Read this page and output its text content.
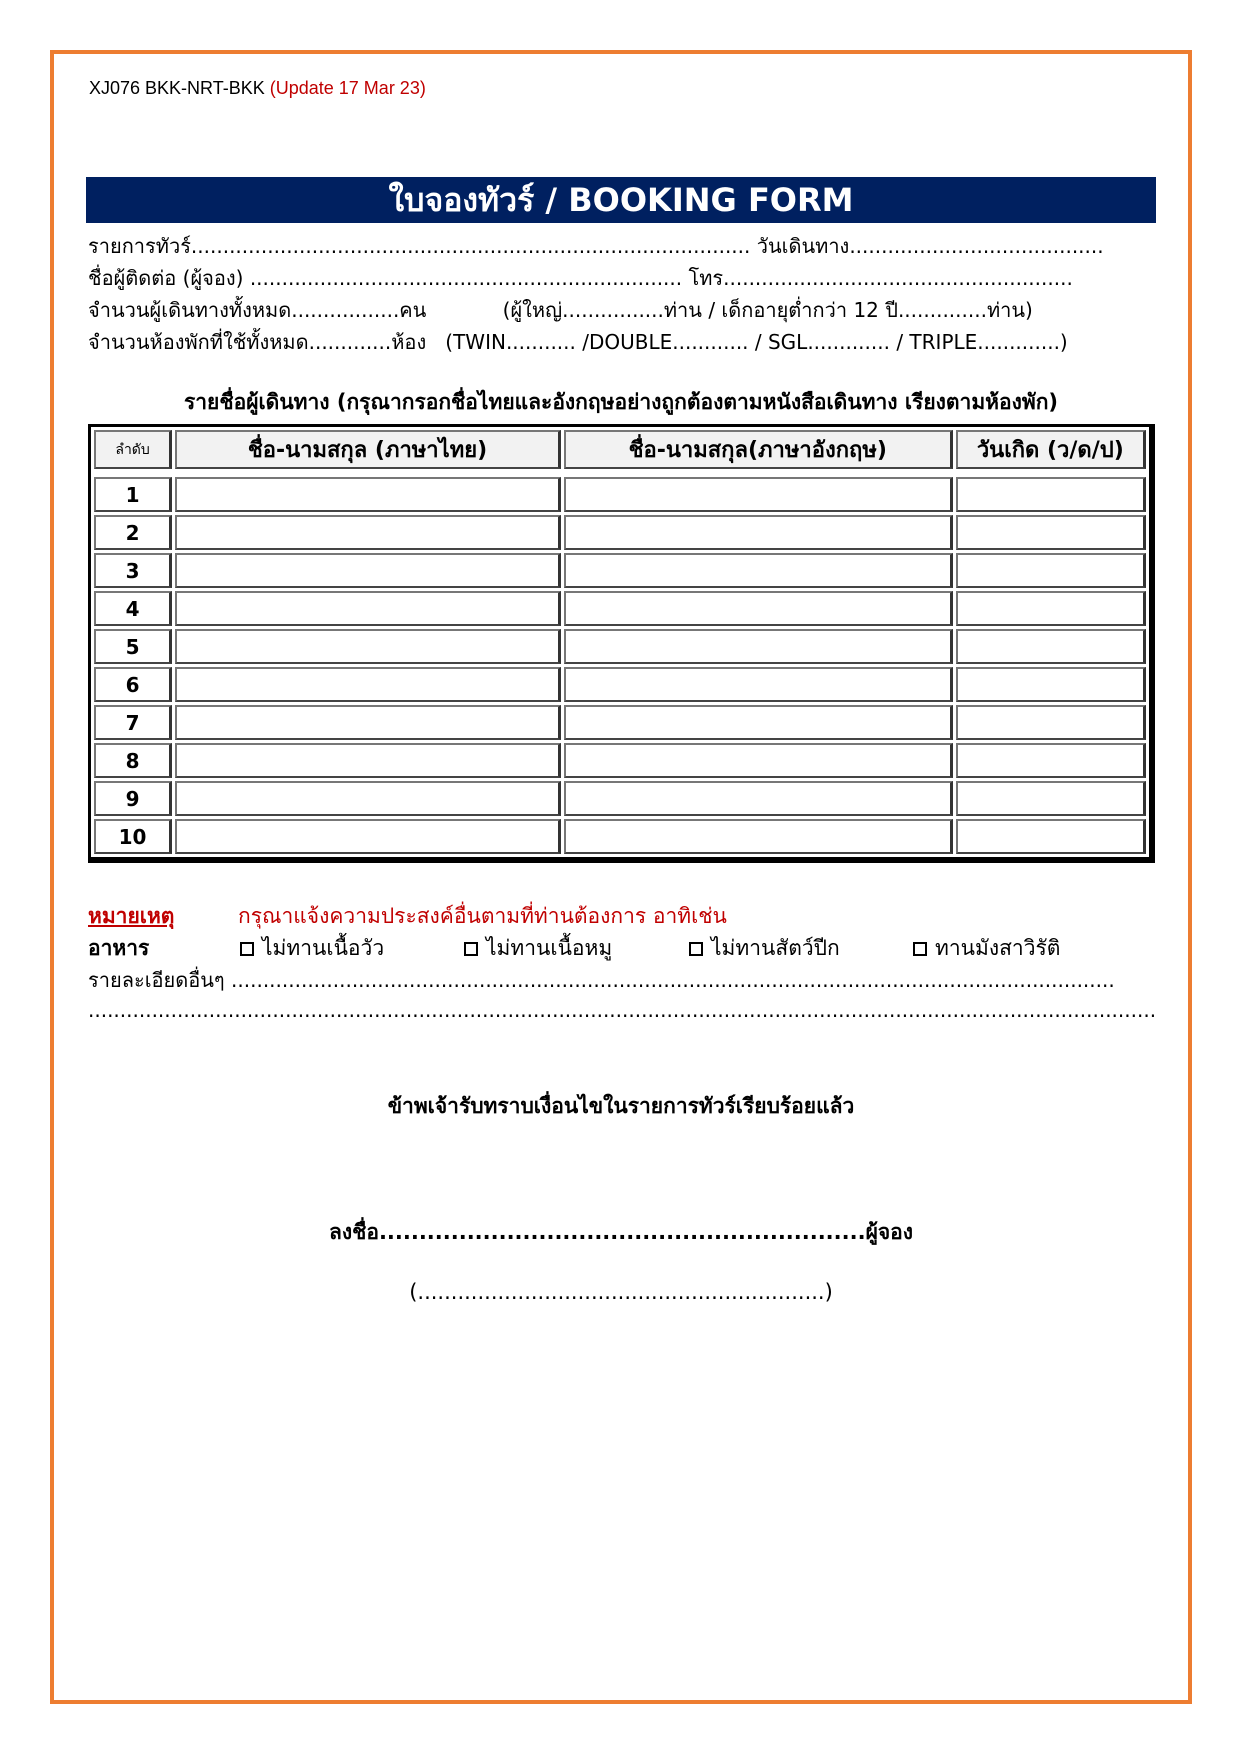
XJ076 BKK-NRT-BKK (Update 17 Mar 23)
ใบจองทัวร์ / BOOKING FORM
รายการทัวร์........................................................................................ วันเดินทาง........................................
ชื่อผู้ติดต่อ (ผู้จอง) .................................................................... โทร.......................................................
จำนวนผู้เดินทางทั้งหมด.................คน            (ผู้ใหญ่................ท่าน / เด็กอายุต่ำกว่า 12 ปี..............ท่าน)
จำนวนห้องพักที่ใช้ทั้งหมด.............ห้อง   (TWIN........... /DOUBLE............ / SGL............. / TRIPLE.............)
รายชื่อผู้เดินทาง (กรุณากรอกชื่อไทยและอังกฤษอย่างถูกต้องตามหนังสือเดินทาง เรียงตามห้องพัก)
ลำดับ	ชื่อ-นามสกุล (ภาษาไทย)	ชื่อ-นามสกุล(ภาษาอังกฤษ)	วันเกิด (ว/ด/ป)

1			
2			
3			
4			
5			
6			
7			
8			
9			
10			
หมายเหตุ	กรุณาแจ้งความประสงค์อื่นตามที่ท่านต้องการ อาทิเช่น
อาหาร	ไม่ทานเนื้อวัว	ไม่ทานเนื้อหมู	ไม่ทานสัตว์ปีก	ทานมังสาวิรัติ
รายละเอียดอื่นๆ ...........................................................................................................................................
........................................................................................................................................................................
ข้าพเจ้ารับทราบเงื่อนไขในรายการทัวร์เรียบร้อยแล้ว
ลงชื่อ.............................................................ผู้จอง
(.............................................................)
